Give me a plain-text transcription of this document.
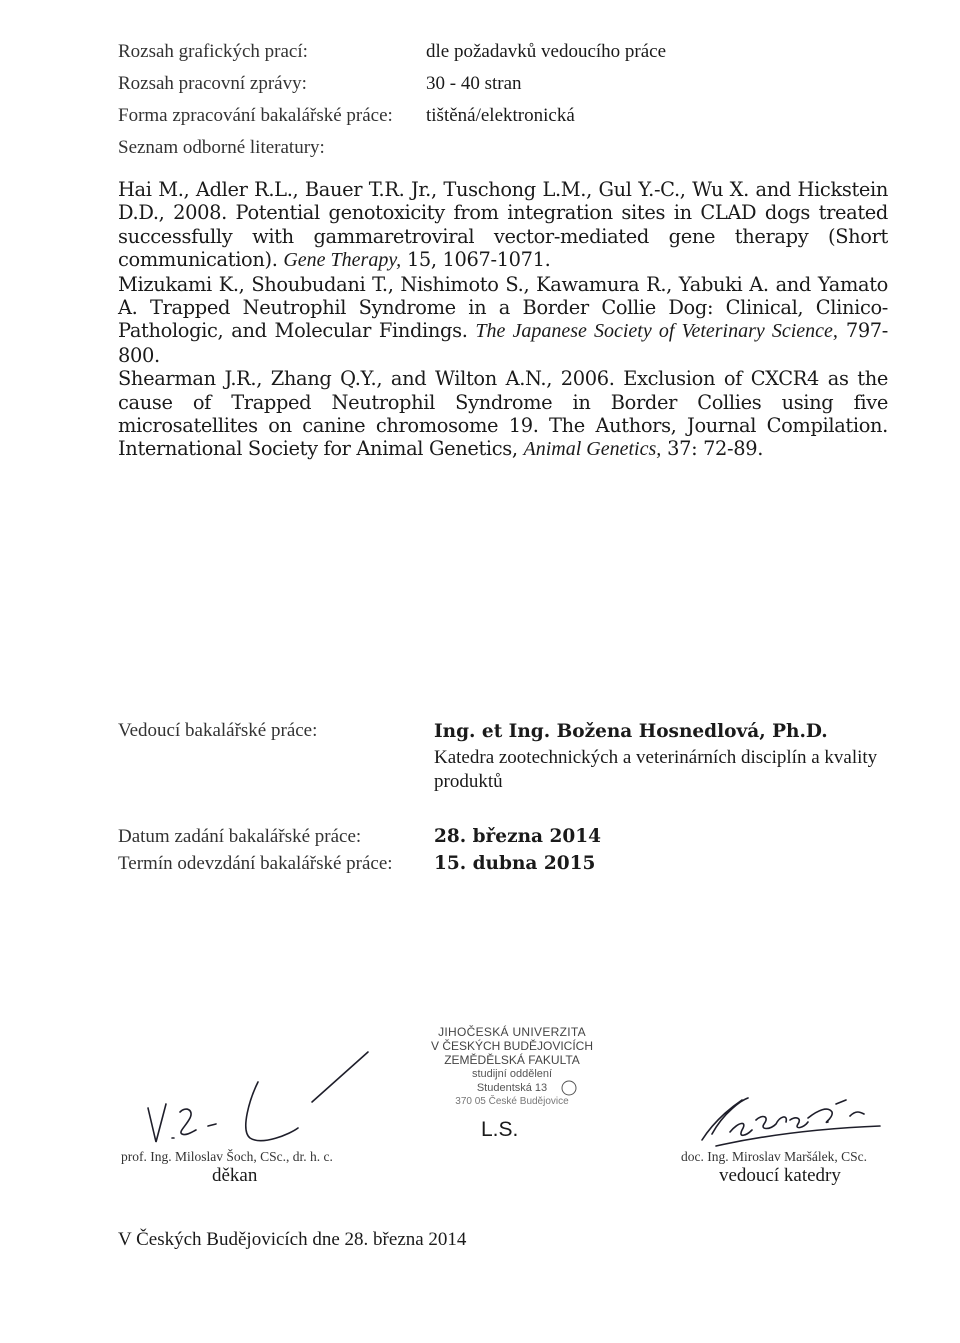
Rozsah grafických prací:	dle požadavků vedoucího práce
Rozsah pracovní zprávy:	30 - 40 stran
Forma zpracování bakalářské práce: tištěná/elektronická
Seznam odborné literatury:

Hai M., Adler R.L., Bauer T.R. Jr., Tuschong L.M., Gul Y.-C., Wu X. and Hickstein D.D., 2008. Potential genotoxicity from integration sites in CLAD dogs treated successfully with gammaretroviral vector-mediated gene therapy (Short communication). Gene Therapy, 15, 1067-1071.

Mizukami K., Shoubudani T., Nishimoto S., Kawamura R., Yabuki A. and Yamato A. Trapped Neutrophil Syndrome in a Border Collie Dog: Clinical, Clinico-Pathologic, and Molecular Findings. The Japanese Society of Veterinary Science, 797-800.

Shearman J.R., Zhang Q.Y., and Wilton A.N., 2006. Exclusion of CXCR4 as the cause of Trapped Neutrophil Syndrome in Border Collies using five microsatellites on canine chromosome 19. The Authors, Journal Compilation. International Society for Animal Genetics, Animal Genetics, 37: 72-89.

Vedoucí bakalářské práce:	Ing. et Ing. Božena Hosnedlová, Ph.D.
Katedra zootechnických a veterinárních disciplín a kvality produktů
Datum zadání bakalářské práce:	28. března 2014
Termín odevzdání bakalářské práce: 15. dubna 2015
JIHOČESKÁ UNIVERZITA
V ČESKÝCH BUDĚJOVICÍCH
ZEMĚDĚLSKÁ FAKULTA
studijní oddělení
Studentská 13
370 05 České Budějovice
prof. Ing. Miloslav Šoch, CSc., dr. h. c.
děkan
L.S.
doc. Ing. Miroslav Maršálek, CSc.
vedoucí katedry
V Českých Budějovicích dne 28. března 2014
